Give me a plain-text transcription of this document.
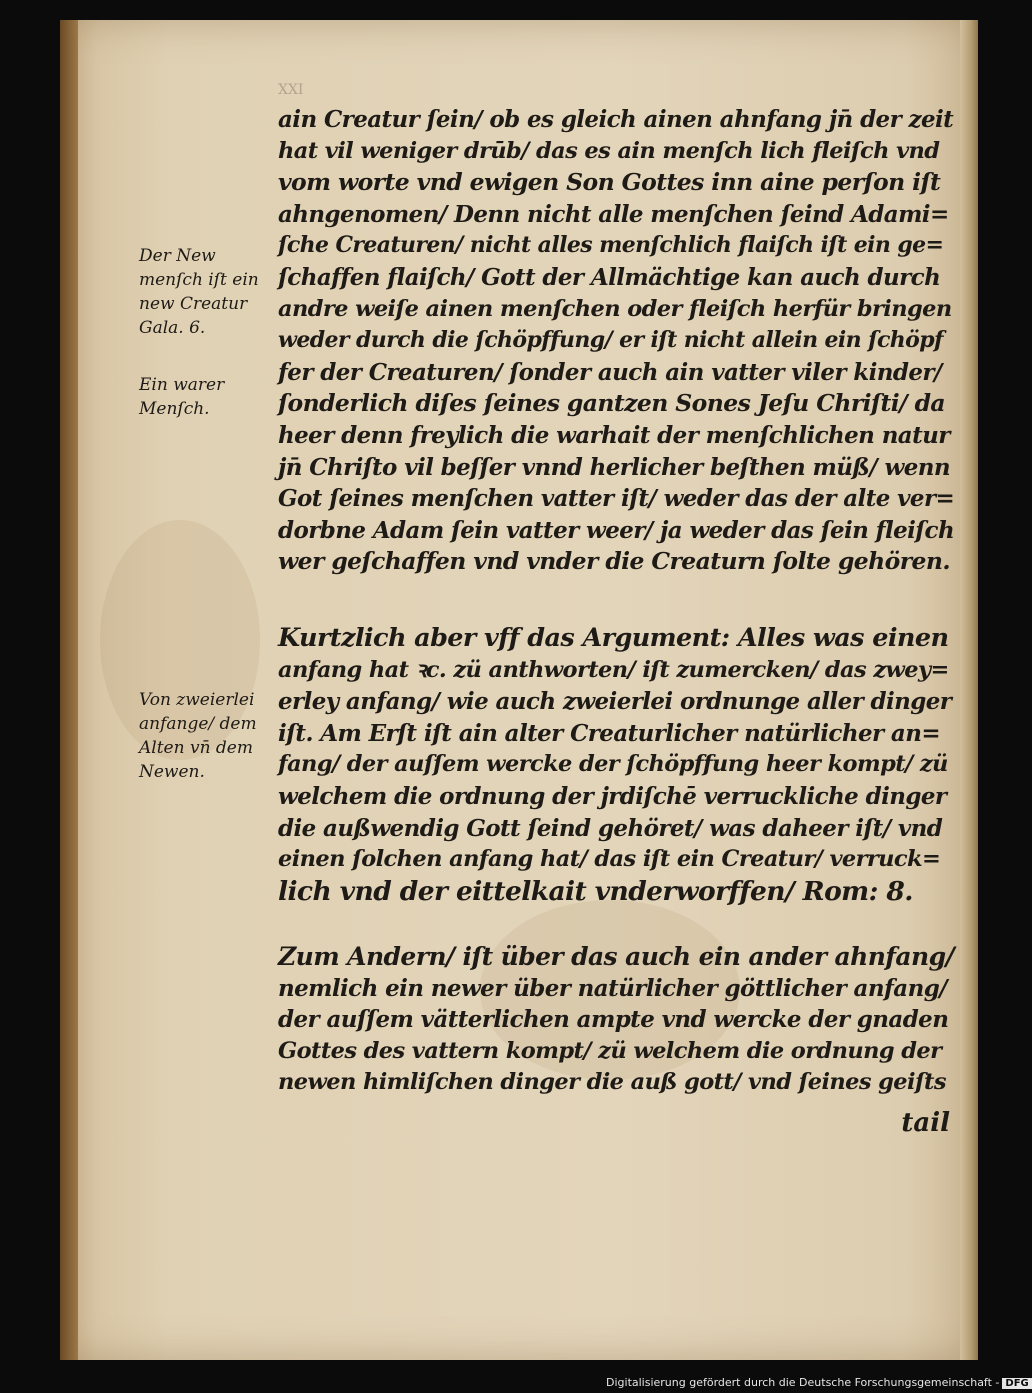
XXI
ain Creatur ſein/ ob es gleich ainen ahnfang jn̄ der zeit
hat vil weniger drūb/ das es ain menſch lich fleiſch vnd
vom worte vnd ewigen Son Gottes inn aine perſon iſt
ahngenomen/ Denn nicht alle menſchen ſeind Adami=
ſche Creaturen/ nicht alles menſchlich flaiſch iſt ein ge=
ſchaffen flaiſch/ Gott der Allmächtige kan auch durch
andre weiſe ainen menſchen oder fleiſch herfür bringen
weder durch die ſchöpffung/ er iſt nicht allein ein ſchöpf
fer der Creaturen/ ſonder auch ain vatter viler kinder/
ſonderlich diſes ſeines gantzen Sones Jeſu Chriſti/ da
heer denn freylich die warhait der menſchlichen natur
jn̄ Chriſto vil beſſer vnnd herlicher beſthen müß/ wenn
Got ſeines menſchen vatter iſt/ weder das der alte ver=
dorbne Adam ſein vatter weer/ ja weder das ſein fleiſch
wer geſchaffen vnd vnder die Creaturn ſolte gehören.
Kurtzlich aber vff das Argument: Alles was einen
anfang hat ꝛc. zü anthworten/ iſt zumercken/ das zwey=
erley anfang/ wie auch zweierlei ordnunge aller dinger
iſt. Am Erſt iſt ain alter Creaturlicher natürlicher an=
fang/ der auſſem wercke der ſchöpffung heer kompt/ zü
welchem die ordnung der jrdiſchē verruckliche dinger
die außwendig Gott ſeind gehöret/ was daheer iſt/ vnd
einen ſolchen anfang hat/ das iſt ein Creatur/ verruck=
lich vnd der eittelkait vnderworffen/ Rom: 8.
Zum Andern/ iſt über das auch ein ander ahnfang/
nemlich ein newer über natürlicher göttlicher anfang/
der auſſem vätterlichen ampte vnd wercke der gnaden
Gottes des vattern kompt/ zü welchem die ordnung der
newen himliſchen dinger die auß gott/ vnd ſeines geiſts
tail
Der New
menſch iſt ein
new Creatur
Gala. 6.
Ein warer
Menſch.
Von zweierlei
anfange/ dem
Alten vn̄ dem
Newen.
Digitalisierung gefördert durch die Deutsche Forschungsgemeinschaft - DFG
